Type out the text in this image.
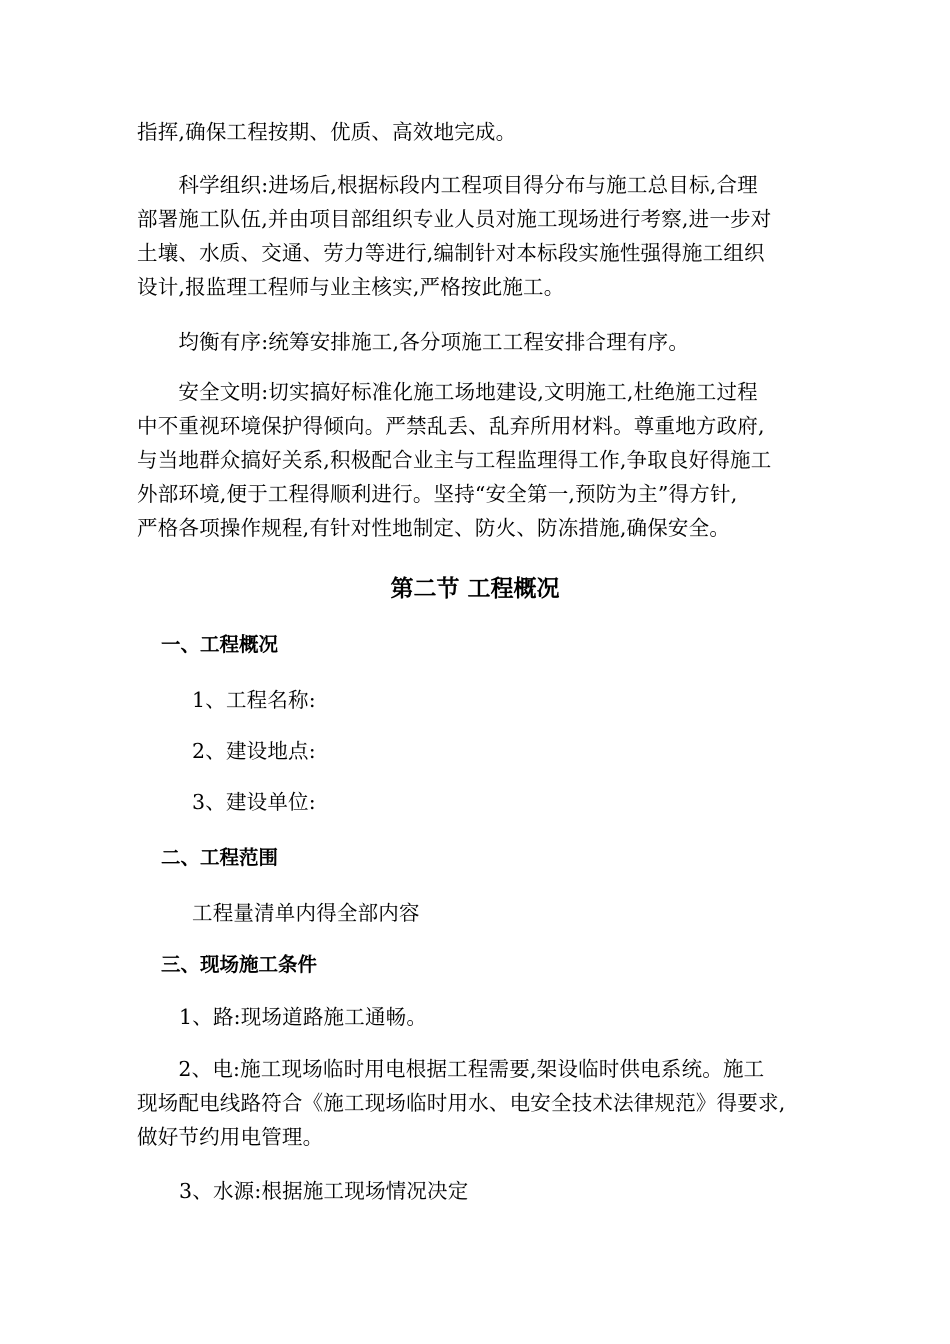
指挥,确保工程按期、优质、高效地完成。
　　科学组织:进场后,根据标段内工程项目得分布与施工总目标,合理
部署施工队伍,并由项目部组织专业人员对施工现场进行考察,进一步对
土壤、水质、交通、劳力等进行,编制针对本标段实施性强得施工组织
设计,报监理工程师与业主核实,严格按此施工。
　　均衡有序:统筹安排施工,各分项施工工程安排合理有序。
　　安全文明:切实搞好标准化施工场地建设,文明施工,杜绝施工过程
中不重视环境保护得倾向。严禁乱丢、乱弃所用材料。尊重地方政府,
与当地群众搞好关系,积极配合业主与工程监理得工作,争取良好得施工
外部环境,便于工程得顺利进行。坚持“安全第一,预防为主”得方针,
严格各项操作规程,有针对性地制定、防火、防冻措施,确保安全。
第二节 工程概况
一、工程概况
1、工程名称:
2、建设地点:
3、建设单位:
二、工程范围
工程量清单内得全部内容
三、现场施工条件
1、路:现场道路施工通畅。
　　2、电:施工现场临时用电根据工程需要,架设临时供电系统。施工
现场配电线路符合《施工现场临时用水、电安全技术法律规范》得要求,
做好节约用电管理。
3、水源:根据施工现场情况决定
